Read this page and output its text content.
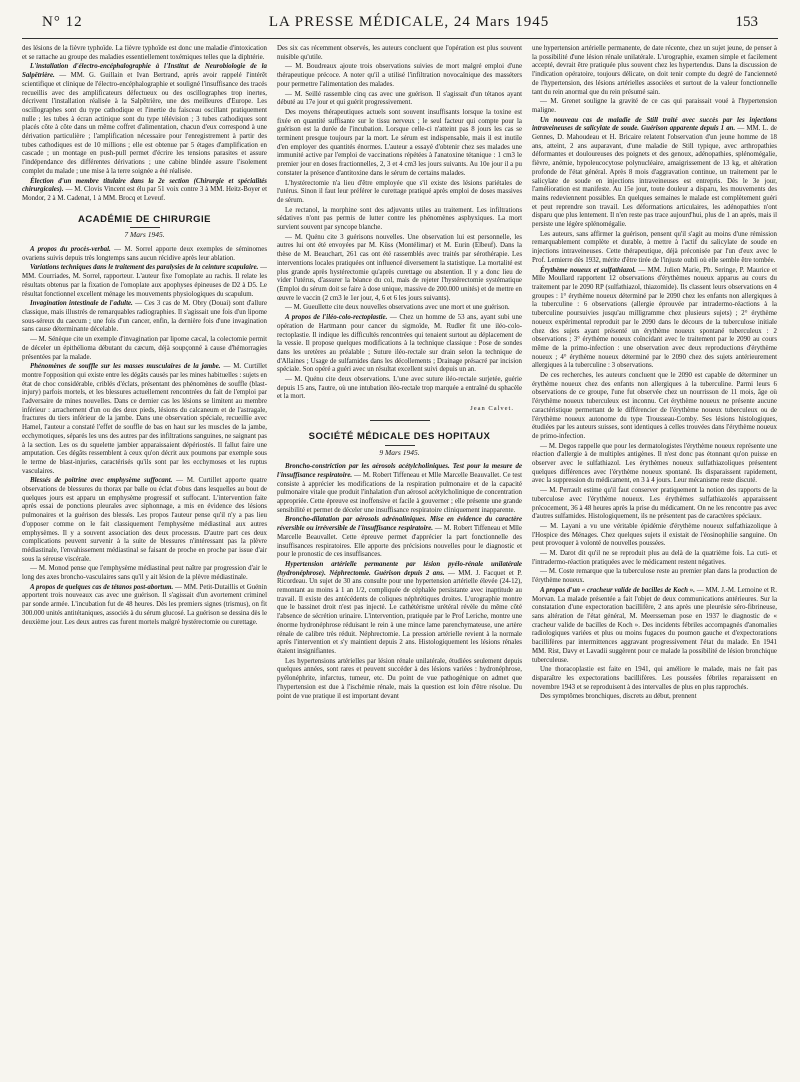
N° 12	LA PRESSE MÉDICALE, 24 Mars 1945	153

des lésions de la fièvre typhoïde. La fièvre typhoïde est donc une maladie d'intoxication et se rattache au groupe des maladies essentiellement toxémiques telles que la diphtérie.

L'installation d'électro-encéphalographie à l'Institut de Neurobiologie de la Salpêtrière. — MM. G. Guillain et Ivan Bertrand, après avoir rappelé l'intérêt scientifique et clinique de l'électro-encéphalographie et souligné l'insuffisance des tracés recueillis avec des amplificateurs défectueux ou des oscillographes trop inertes, décrivent l'installation réalisée à la Salpêtrière, une des meilleures d'Europe. Les oscillographes sont du type cathodique et l'inertie du faisceau oscillant pratiquement nulle ; les tubes à écran actinique sont du type télévision ; 3 tubes cathodiques sont placés côte à côte dans un même coffret d'alimentation, chacun d'eux correspond à une dérivation particulière ; l'amplification nécessaire pour l'enregistrement à partir des tubes cathodiques est de 10 millions ; elle est obtenue par 5 étages d'amplification en cascade ; un montage en push-pull permet d'écrire les tensions parasites et assure l'indépendance des différentes dérivations ; une cabine blindée assure l'isolement complet du malade ; une mise à la terre soignée a été réalisée.

Élection d'un membre titulaire dans la 2e section (Chirurgie et spécialités chirurgicales). — M. Clovis Vincent est élu par 51 voix contre 3 à MM. Heitz-Boyer et Mondor, 2 à M. Cadenat, 1 à MM. Brocq et Leveuf.

ACADÉMIE DE CHIRURGIE
7 Mars 1945.

A propos du procès-verbal. — M. Sorrel apporte deux exemples de séminomes ovariens suivis depuis très longtemps sans aucun récidive après leur ablation.

Variations techniques dans le traitement des paralysies de la ceinture scapulaire. — MM. Courriades, M. Sorrel, rapporteur. L'auteur fixe l'omoplate au rachis. Il relate les résultats obtenus par la fixation de l'omoplate aux apophyses épineuses de D2 à D5. Le résultat fonctionnel excellent ménage les mouvements physiologiques du scapulum.

Invagination intestinale de l'adulte. — Ces 3 cas de M. Obry (Douai) sont d'allure classique, mais illustrés de remarquables radiographies. Il s'agissait une fois d'un lipome sous-séreux du caecum ; une fois d'un cancer, enfin, la dernière fois d'une invagination sans cause déterminante décelable.

— M. Sénèque cite un exemple d'invagination par lipome cæcal, la colectomie permit de déceler un épithélioma débutant du cæcum, déjà soupçonné à cause d'hémorragies présentées par la malade.

Phénomènes de souffle sur les masses musculaires de la jambe. — M. Curtillet montre l'opposition qui existe entre les dégâts causés par les mines habituelles : sujets en état de choc considérable, criblés d'éclats, présentant des phénomènes de souffle (blast-injury) parfois mortels, et les blessures actuellement rencontrées du fait de l'emploi par l'adversaire de mines nouvelles. Dans ce dernier cas les lésions se limitent au membre inférieur : arrachement d'un ou des deux pieds, lésions du calcaneum et de l'astragale, fractures du tiers inférieur de la jambe. Dans une observation spéciale, recueillie avec Hamel, l'auteur a constaté l'effet de souffle de bas en haut sur les muscles de la jambe, ecchymotiques, séparés les uns des autres par des infiltrations sanguines, ne saignant pas à la section. Les os du squelette jambier apparaissaient dépériostés. Il fallut faire une amputation. Ces dégâts ressemblent à ceux qu'on décrit aux poumons par exemple sous le terme de blast-injuries, caractérisés qu'ils sont par les ecchymoses et les ruptus vasculaires.

Blessés de poitrine avec emphysème suffocant. — M. Curtillet apporte quatre observations de blessures du thorax par balle ou éclat d'obus dans lesquelles au bout de quelques jours est apparu un emphysème progressif et suffocant. L'intervention faite après essai de ponctions pleurales avec siphonnage, a mis en évidence des lésions pulmonaires et la guérison des blessés. Les propos l'auteur pense qu'il n'y a pas lieu d'opposer comme on le fait classiquement l'emphysème médiastinal aux autres emphysèmes. Il y a souvent association des deux processus. D'autre part ces deux complications peuvent survenir à la suite de blessures n'intéressant pas la plèvre médiastinale, l'envahissement médiastinal se faisant de proche en proche par issue d'air sous la séreuse viscérale.

— M. Monod pense que l'emphysème médiastinal peut naître par progression d'air le long des axes broncho-vasculaires sans qu'il y ait lésion de la plèvre médiastinale.

A propos de quelques cas de tétanos post-abortum. — MM. Petit-Dutaillis et Guénin apportent trois nouveaux cas avec une guérison. Il s'agissait d'un avortement criminel par sonde armée. L'incubation fut de 48 heures. Dès les premiers signes (trismus), on fit 300.000 unités antitétaniques, associés à du sérum glucosé. La guérison se dessina dès le deuxième jour. Les deux autres cas furent mortels malgré hystérectomie ou curettage.

Des six cas récemment observés, les auteurs concluent que l'opération est plus souvent nuisible qu'utile.

— M. Boudreaux ajoute trois observations suivies de mort malgré emploi d'une thérapeutique précoce. A noter qu'il a utilisé l'infiltration novocaïnique des masséters pour permettre l'alimentation des malades.

— M. Seillé rassemble cinq cas avec une guérison. Il s'agissait d'un tétanos ayant débuté au 17e jour et qui guérit progressivement.

Des moyens thérapeutiques actuels sont souvent insuffisants lorsque la toxine est fixée en quantité suffisante sur le tissu nerveux ; le seul facteur qui compte pour la guérison est la durée de l'incubation. Lorsque celle-ci n'atteint pas 8 jours les cas se terminent presque toujours par la mort. Le sérum est indispensable, mais il est inutile d'en employer des quantités énormes. L'auteur a essayé d'obtenir chez ses malades une immunité active par l'emploi de vaccinations répétées à l'anatoxine tétanique : 1 cm3 le premier jour en doses fractionnelles, 2, 3 et 4 cm3 les jours suivants. Au 10e jour il a pu constater la présence d'antitoxine dans le sérum de certains malades.

L'hystérectomie n'a lieu d'être employée que s'il existe des lésions pariétales de l'utérus. Sinon il faut leur préférer le curettage pratiqué après emploi de doses massives de sérum.

Le rectanol, la morphine sont des adjuvants utiles au traitement. Les infiltrations sédatives n'ont pas permis de lutter contre les phénomènes asphyxiques. La mort survient souvent par syncope blanche.

— M. Quénu cite 3 guérisons nouvelles. Une observation lui est personnelle, les autres lui ont été envoyées par M. Küss (Montélimar) et M. Eurin (Elbeuf). Dans la thèse de M. Beauchart, 261 cas ont été rassemblés avec traités par sérothérapie. Les interventions locales pratiquées ont influencé diversement la statistique. La mortalité est plus grande après hystérectomie qu'après curettage ou abstention. Il y a donc lieu de vider l'utérus, d'assurer la béance du col, mais de rejeter l'hystérectomie systématique (Emploi du sérum doit se faire à dose unique, massive de 200.000 unités) et de mettre en œuvre le vaccin (2 cm3 le 1er jour, 4, 6 et 6 les jours suivants).

— M. Gueullette cite deux nouvelles observations avec une mort et une guérison.

A propos de l'iléo-colo-rectoplastie. — Chez un homme de 53 ans, ayant subi une opération de Hartmann pour cancer du sigmoïde, M. Rudler fit une iléo-colo-rectoplastie. Il indique les difficultés rencontrées qui tenaient surtout au déplacement de la vessie. Il propose quelques modifications à la technique classique : Pose de sondes dans les uretères au préalable ; Suture iléo-rectale sur drain selon la technique de d'Allaines ; Usage de sulfamides dans les décollements ; Drainage présacré par incision spéciale. Son opéré a guéri avec un résultat excellent suivi depuis un an.

— M. Quénu cite deux observations. L'une avec suture iléo-rectale surjetée, guérie depuis 15 ans, l'autre, où une intubation iléo-rectale trop marquée a entraîné du sphacèle et la mort.

Jean Calvet.
SOCIÉTÉ MÉDICALE DES HOPITAUX
9 Mars 1945.

Broncho-constriction par les aérosols acétylcholiniques. Test pour la mesure de l'insuffisance respiratoire. — M. Robert Tiffeneau et Mlle Marcelle Beauvallet. Ce test consiste à apprécier les modifications de la respiration pulmonaire et de la capacité pulmonaire vitale que produit l'inhalation d'un aérosol acétylcholinique de concentration appropriée. Cette épreuve est inoffensive et facile à gouverner ; elle présente une grande sensibilité et permet de déceler une insuffisance respiratoire cliniquement inapparente.

Broncho-dilatation par aérosols adrénaliniques. Mise en évidence du caractère réversible ou irréversible de l'insuffisance respiratoire. — M. Robert Tiffeneau et Mlle Marcelle Beauvallet. Cette épreuve permet d'apprécier la part fonctionnelle des insuffisances respiratoires. Elle apporte des précisions nouvelles pour le diagnostic et pour le pronostic de ces insuffisances.

Hypertension artérielle permanente par lésion pyélo-rénale unilatérale (hydronéphrose). Néphrectomie. Guérison depuis 2 ans. — MM. J. Facquet et P. Ricordeau. Un sujet de 30 ans consulte pour une hypertension artérielle élevée (24-12), remontant au moins à 1 an 1/2, compliquée de céphalée persistante avec inaptitude au travail. Il existe des antécédents de coliques néphrétiques droites. L'urographie montre que le bassinet droit n'est pas injecté. Le cathétérisme urétéral révèle du même côté l'absence de sécrétion urinaire. L'intervention, pratiquée par le Prof Leriche, montre une énorme hydronéphrose réduisant le rein à une mince lame parenchymateuse, une artère rénale de calibre très réduit. Néphrectomie. La pression artérielle revient à la normale après l'intervention et s'y maintient depuis 2 ans. Histologiquement les lésions rénales étaient insignifiantes.

Les hypertensions artérielles par lésion rénale unilatérale, étudiées seulement depuis quelques années, sont rares et peuvent succéder à des lésions variées : hydronéphrose, pyélonéphrite, infarctus, tumeur, etc. Du point de vue pathogénique on admet que l'hypertension est due à l'ischémie rénale, mais la question est loin d'être résolue. Du point de vue pratique il est important devant

une hypertension artérielle permanente, de date récente, chez un sujet jeune, de penser à la possibilité d'une lésion rénale unilatérale. L'urographie, examen simple et facilement accepté, devrait être pratiquée plus souvent chez les hypertendus. Dans la discussion de l'indication opératoire, toujours délicate, on doit tenir compte du degré de l'ancienneté de l'hypertension, des lésions artérielles associées et surtout de la valeur fonctionnelle tant du rein anormal que du rein présumé sain.

— M. Grenet souligne la gravité de ce cas qui paraissait voué à l'hypertension maligne.

Un nouveau cas de maladie de Still traité avec succès par les injections intraveineuses de salicylate de soude. Guérison apparente depuis 1 an. — MM. L. de Gennes, D. Mahoudeau et H. Bricaire relatent l'observation d'un jeune homme de 18 ans, atteint, 2 ans auparavant, d'une maladie de Still typique, avec arthropathies déformantes et douloureuses des poignets et des genoux, adénopathies, splénomégalie, fièvre, anémie, hypoleucocytose polynucléaire, amaigrissement de 13 kg, et altération profonde de l'état général. Après 8 mois d'aggravation continue, un traitement par le salicylate de soude en injections intraveineuses est entrepris. Dès le 3e jour, l'amélioration est manifeste. Au 15e jour, toute douleur a disparu, les mouvements des mains redeviennent possibles. En quelques semaines le malade est complètement guéri et peut reprendre son travail. Les déformations articulaires, les adénopathies n'ont disparu que plus lentement. Il n'en reste pas trace aujourd'hui, plus de 1 an après, mais il persiste une légère splénomégalie.

Les auteurs, sans affirmer la guérison, pensent qu'il s'agit au moins d'une rémission remarquablement complète et durable, à mettre à l'actif du salicylate de soude en injections intraveineuses. Cette thérapeutique, déjà préconisée par l'un d'eux avec le Prof. Lemierre dès 1932, mérite d'être tirée de l'injuste oubli où elle semble être tombée.

Érythème noueux et sulfathiazol. — MM. Julien Marie, Ph. Seringe, P. Maurice et Mlle Moullard rapportent 12 observations d'érythèmes noueux apparus au cours du traitement par le 2090 RP (sulfathiazol, thiazomide). Ils classent leurs observations en 4 groupes : 1° érythème noueux déterminé par le 2090 chez les enfants non allergiques à la tuberculine : 6 observations (allergie éprouvée par intradermo-réactions à la tuberculine poursuivies jusqu'au milligramme chez plusieurs sujets) ; 2° érythème noueux expérimental reproduit par le 2090 dans le décours de la tuberculose initiale chez des sujets ayant présenté un érythème noueux spontané tuberculeux : 2 observations ; 3° érythème noueux coïncidant avec le traitement par le 2090 au cours même de la primo-infection : une observation avec deux reproductions d'érythème noueux ; 4° érythème noueux déterminé par le 2090 chez des sujets antérieurement allergiques à la tuberculine : 3 observations.

De ces recherches, les auteurs concluent que le 2090 est capable de déterminer un érythème noueux chez des enfants non allergiques à la tuberculine. Parmi leurs 6 observations de ce groupe, l'une fut observée chez un nourrisson de 11 mois, âge où l'érythème noueux tuberculeux est inconnu. Cet érythème noueux ne présente aucune caractéristique permettant de le différencier de l'érythème noueux tuberculeux ou de l'érythème noueux autonome du type Trousseau-Comby. Ses lésions histologiques, étudiées par les auteurs suisses, sont identiques à celles trouvées dans l'érythème noueux de primo-infection.

— M. Degos rappelle que pour les dermatologistes l'érythème noueux représente une réaction d'allergie à de multiples antigènes. Il n'est donc pas étonnant qu'on puisse en observer avec le sulfathiazol. Les érythèmes noueux sulfathiazoliques présentent quelques différences avec l'érythème noueux spontané. Ils disparaissent rapidement, avec la suppression du médicament, en 3 à 4 jours. Leur mécanisme reste discuté.

— M. Perrault estime qu'il faut conserver pratiquement la notion des rapports de la tuberculose avec l'érythème noueux. Les érythèmes sulfathiazolés apparaissent précocement, 36 à 48 heures après la prise du médicament. On ne les rencontre pas avec d'autres sulfamides. Histologiquement, ils ne présentent pas de caractères spéciaux.

— M. Layani a vu une véritable épidémie d'érythème noueux sulfathiazolique à l'Hospice des Ménages. Chez quelques sujets il existait de l'éosinophilie sanguine. On peut provoquer à volonté de nouvelles poussées.

— M. Darot dit qu'il ne se reproduit plus au delà de la quatrième fois. La cuti- et l'intradermo-réaction pratiquées avec le médicament restent négatives.

— M. Coste remarque que la tuberculose reste au premier plan dans la production de l'érythème noueux.

A propos d'un « cracheur valide de bacilles de Koch ». — MM. J.-M. Lemoine et R. Morvan. La malade présentée a fait l'objet de deux communications antérieures. Sur la constatation d'une expectoration bacillifère, 2 ans après une pleurésie séro-fibrineuse, sans altération de l'état général, M. Meersseman pose en 1937 le diagnostic de « cracheur valide de bacilles de Koch ». Des incidents fébriles accompagnés d'anomalies radiologiques variées et plus ou moins fugaces du poumon gauche et d'expectorations bacillifères par intermittences aggravant progressivement l'état du malade. En 1941 MM. Rist, Davy et Lavadii suggèrent pour ce malade la possibilité de lésion bronchique tuberculeuse.

Une thoracoplastie est faite en 1941, qui améliore le malade, mais ne fait pas disparaître les expectorations bacillifères. Les poussées fébriles reparaissent en novembre 1943 et se reproduisent à des intervalles de plus en plus rapprochés.

Des symptômes bronchiques, discrets au début, prennent
